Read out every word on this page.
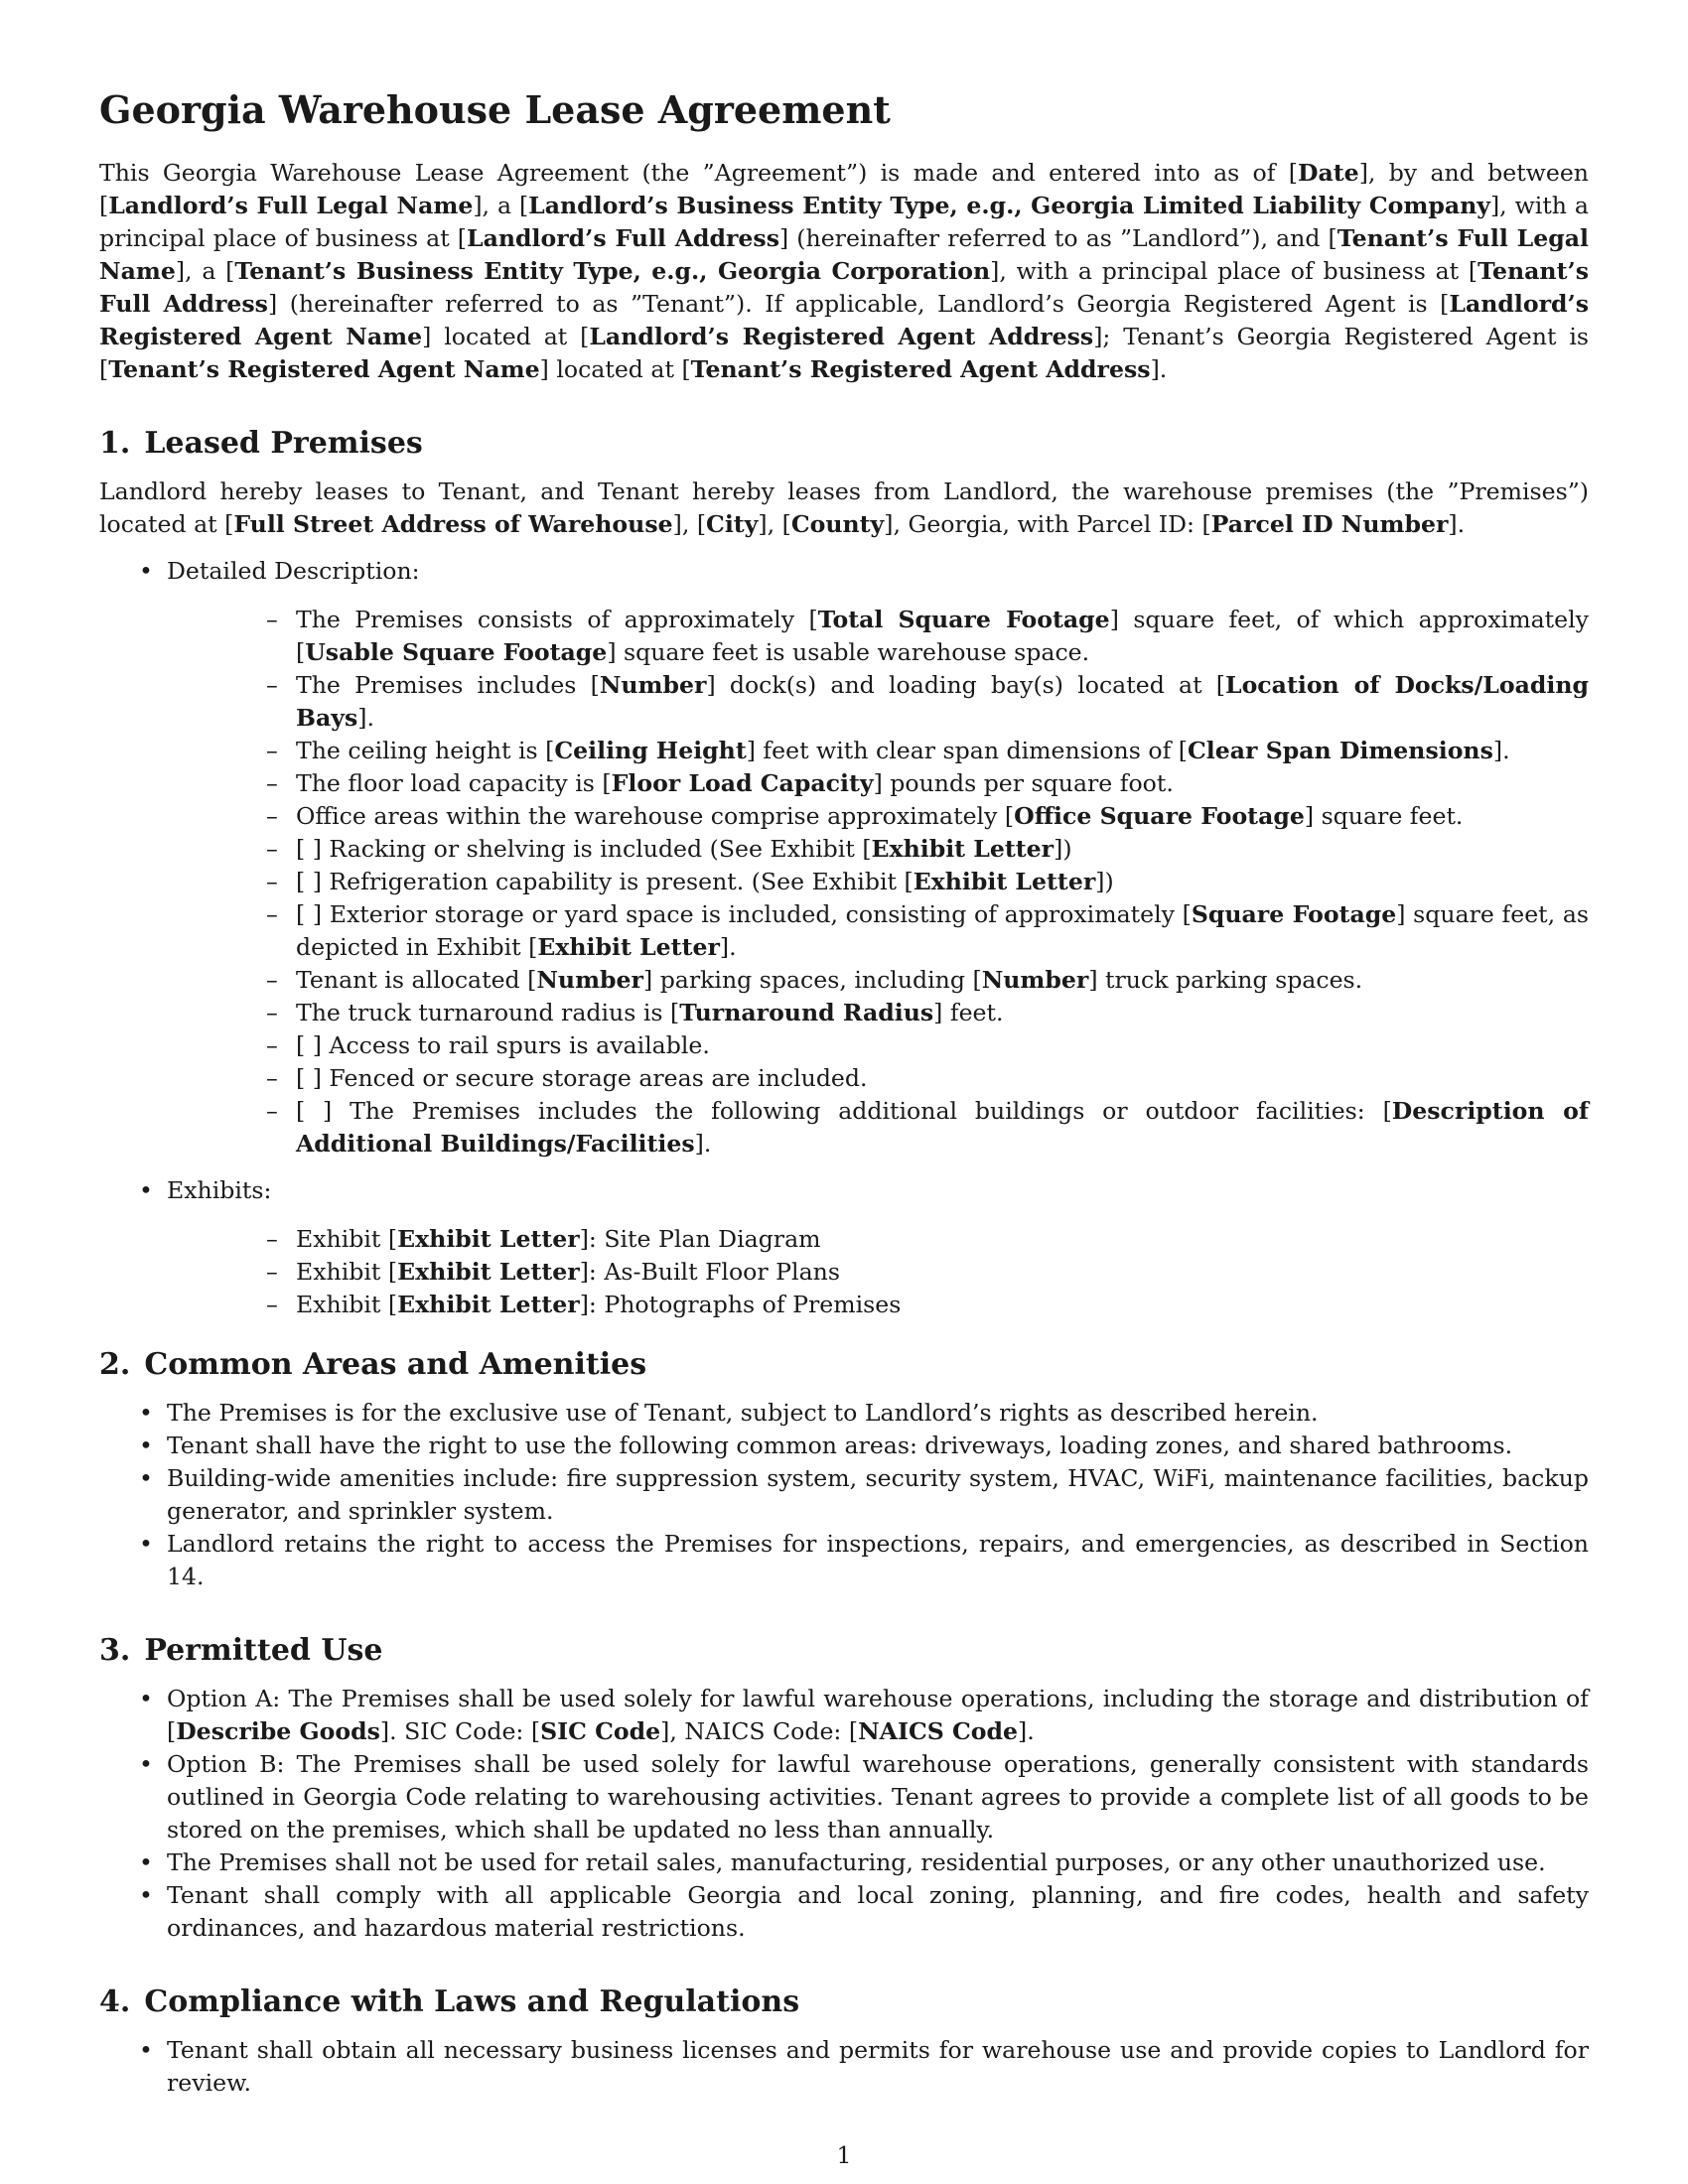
Georgia Warehouse Lease Agreement

This Georgia Warehouse Lease Agreement (the ”Agreement”) is made and entered into as of [Date], by and between [Landlord’s Full Legal Name], a [Landlord’s Business Entity Type, e.g., Georgia Limited Liability Company], with a principal place of business at [Landlord’s Full Address] (hereinafter referred to as ”Landlord”), and [Tenant’s Full Legal Name], a [Tenant’s Business Entity Type, e.g., Georgia Corporation], with a principal place of business at [Tenant’s Full Address] (hereinafter referred to as ”Tenant”). If applicable, Landlord’s Georgia Registered Agent is [Landlord’s Registered Agent Name] located at [Landlord’s Registered Agent Address]; Tenant’s Georgia Registered Agent is [Tenant’s Registered Agent Name] located at [Tenant’s Registered Agent Address].

1. Leased Premises

Landlord hereby leases to Tenant, and Tenant hereby leases from Landlord, the warehouse premises (the ”Premises”) located at [Full Street Address of Warehouse], [City], [County], Georgia, with Parcel ID: [Parcel ID Number].

• Detailed Description:
– The Premises consists of approximately [Total Square Footage] square feet, of which approximately [Usable Square Footage] square feet is usable warehouse space.
– The Premises includes [Number] dock(s) and loading bay(s) located at [Location of Docks/Loading Bays].
– The ceiling height is [Ceiling Height] feet with clear span dimensions of [Clear Span Dimensions].
– The floor load capacity is [Floor Load Capacity] pounds per square foot.
– Office areas within the warehouse comprise approximately [Office Square Footage] square feet.
– [ ] Racking or shelving is included (See Exhibit [Exhibit Letter])
– [ ] Refrigeration capability is present. (See Exhibit [Exhibit Letter])
– [ ] Exterior storage or yard space is included, consisting of approximately [Square Footage] square feet, as depicted in Exhibit [Exhibit Letter].
– Tenant is allocated [Number] parking spaces, including [Number] truck parking spaces.
– The truck turnaround radius is [Turnaround Radius] feet.
– [ ] Access to rail spurs is available.
– [ ] Fenced or secure storage areas are included.
– [ ] The Premises includes the following additional buildings or outdoor facilities: [Description of Additional Buildings/Facilities].
• Exhibits:
– Exhibit [Exhibit Letter]: Site Plan Diagram
– Exhibit [Exhibit Letter]: As-Built Floor Plans
– Exhibit [Exhibit Letter]: Photographs of Premises
2. Common Areas and Amenities
• The Premises is for the exclusive use of Tenant, subject to Landlord’s rights as described herein.
• Tenant shall have the right to use the following common areas: driveways, loading zones, and shared bathrooms.
• Building-wide amenities include: fire suppression system, security system, HVAC, WiFi, maintenance facilities, backup generator, and sprinkler system.
• Landlord retains the right to access the Premises for inspections, repairs, and emergencies, as described in Section 14.
3. Permitted Use
• Option A: The Premises shall be used solely for lawful warehouse operations, including the storage and distribution of [Describe Goods]. SIC Code: [SIC Code], NAICS Code: [NAICS Code].
• Option B: The Premises shall be used solely for lawful warehouse operations, generally consistent with standards outlined in Georgia Code relating to warehousing activities. Tenant agrees to provide a complete list of all goods to be stored on the premises, which shall be updated no less than annually.
• The Premises shall not be used for retail sales, manufacturing, residential purposes, or any other unauthorized use.
• Tenant shall comply with all applicable Georgia and local zoning, planning, and fire codes, health and safety ordinances, and hazardous material restrictions.
4. Compliance with Laws and Regulations
• Tenant shall obtain all necessary business licenses and permits for warehouse use and provide copies to Landlord for review.
1
